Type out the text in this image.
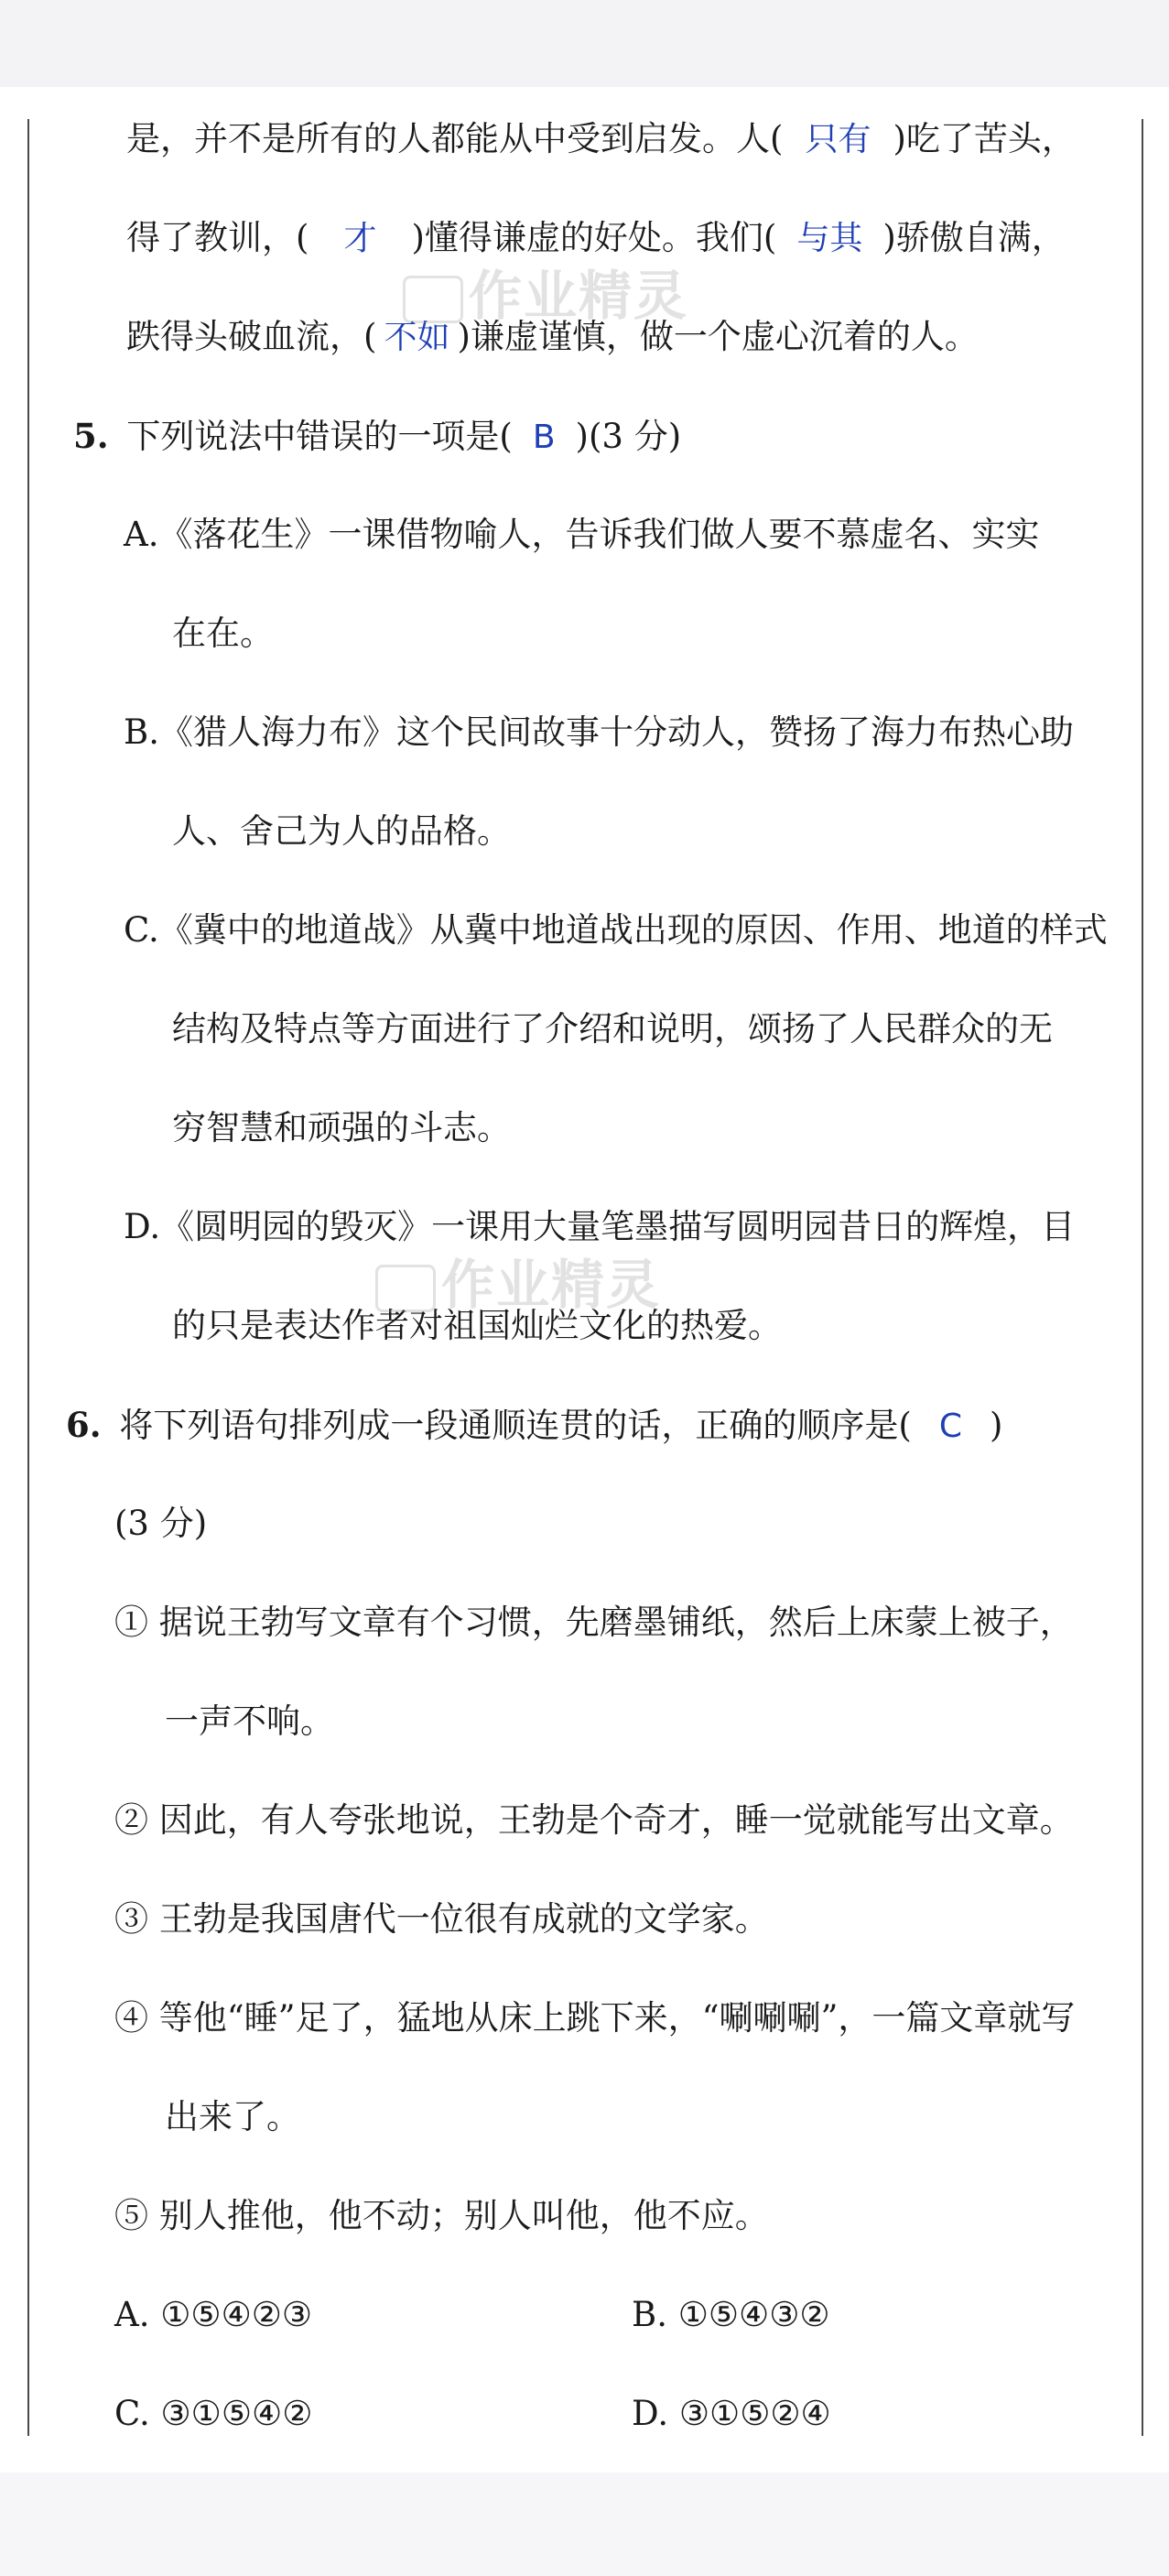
是，并不是所有的人都能从中受到启发。人( 只有 )吃了苦头，
得了教训，( 才 )懂得谦虚的好处。我们( 与其 )骄傲自满，
跌得头破血流，( 不如 )谦虚谨慎，做一个虚心沉着的人。
作业精灵
5. 下列说法中错误的一项是( B )(3 分)
A.《落花生》一课借物喻人，告诉我们做人要不慕虚名、实实
在在。
B.《猎人海力布》这个民间故事十分动人，赞扬了海力布热心助
人、舍己为人的品格。
C.《冀中的地道战》从冀中地道战出现的原因、作用、地道的样式
结构及特点等方面进行了介绍和说明，颂扬了人民群众的无
穷智慧和顽强的斗志。
D.《圆明园的毁灭》一课用大量笔墨描写圆明园昔日的辉煌，目
的只是表达作者对祖国灿烂文化的热爱。
作业精灵
6. 将下列语句排列成一段通顺连贯的话，正确的顺序是( C )
(3 分)
① 据说王勃写文章有个习惯，先磨墨铺纸，然后上床蒙上被子，
一声不响。
② 因此，有人夸张地说，王勃是个奇才，睡一觉就能写出文章。
③ 王勃是我国唐代一位很有成就的文学家。
④ 等他“睡”足了，猛地从床上跳下来，“唰唰唰”，一篇文章就写
出来了。
⑤ 别人推他，他不动；别人叫他，他不应。
A. ①⑤④②③	B. ①⑤④③②
C. ③①⑤④②	D. ③①⑤②④
